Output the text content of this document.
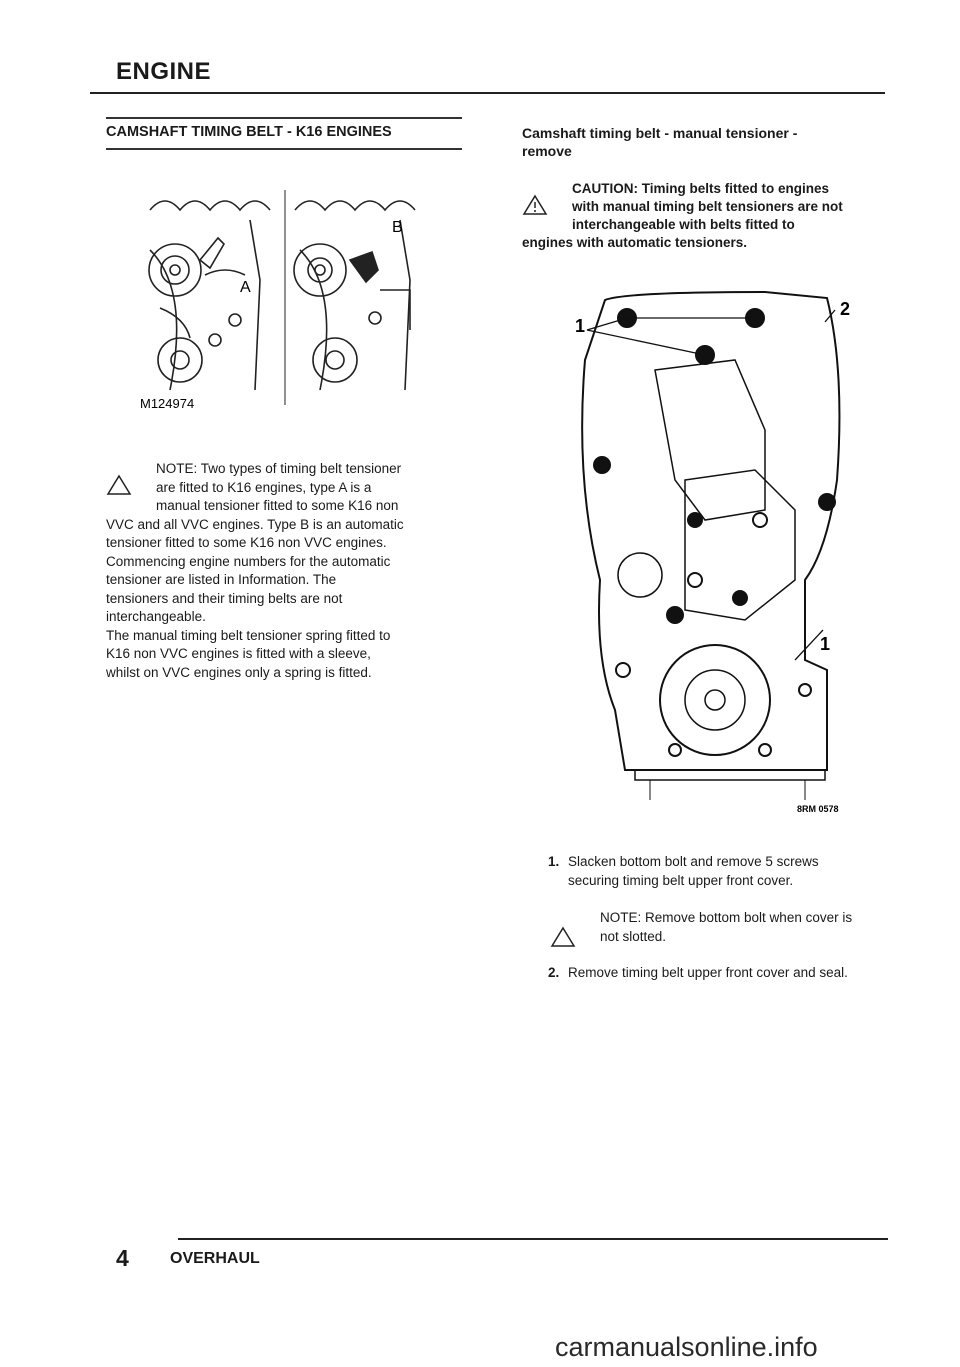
ENGINE
CAMSHAFT TIMING BELT - K16 ENGINES
A
B
M124974
NOTE: Two types of timing belt tensioner
are fitted to K16 engines, type A is a
manual tensioner fitted to some K16 non
VVC and all VVC engines. Type B is an automatic
tensioner fitted to some K16 non VVC engines.
Commencing engine numbers for the automatic
tensioner are listed in Information. The
tensioners and their timing belts are not
interchangeable.
The manual timing belt tensioner spring fitted to
K16 non VVC engines is fitted with a sleeve,
whilst on VVC engines only a spring is fitted.
Camshaft timing belt - manual tensioner -
remove
CAUTION: Timing belts fitted to engines
with manual timing belt tensioners are not
interchangeable with belts fitted to
engines with automatic tensioners.
1
2
1
8RM 0578
1. Slacken bottom bolt and remove 5 screws
securing timing belt upper front cover.
NOTE: Remove bottom bolt when cover is
not slotted.
2. Remove timing belt upper front cover and seal.
4	OVERHAUL
carmanualsonline.info
